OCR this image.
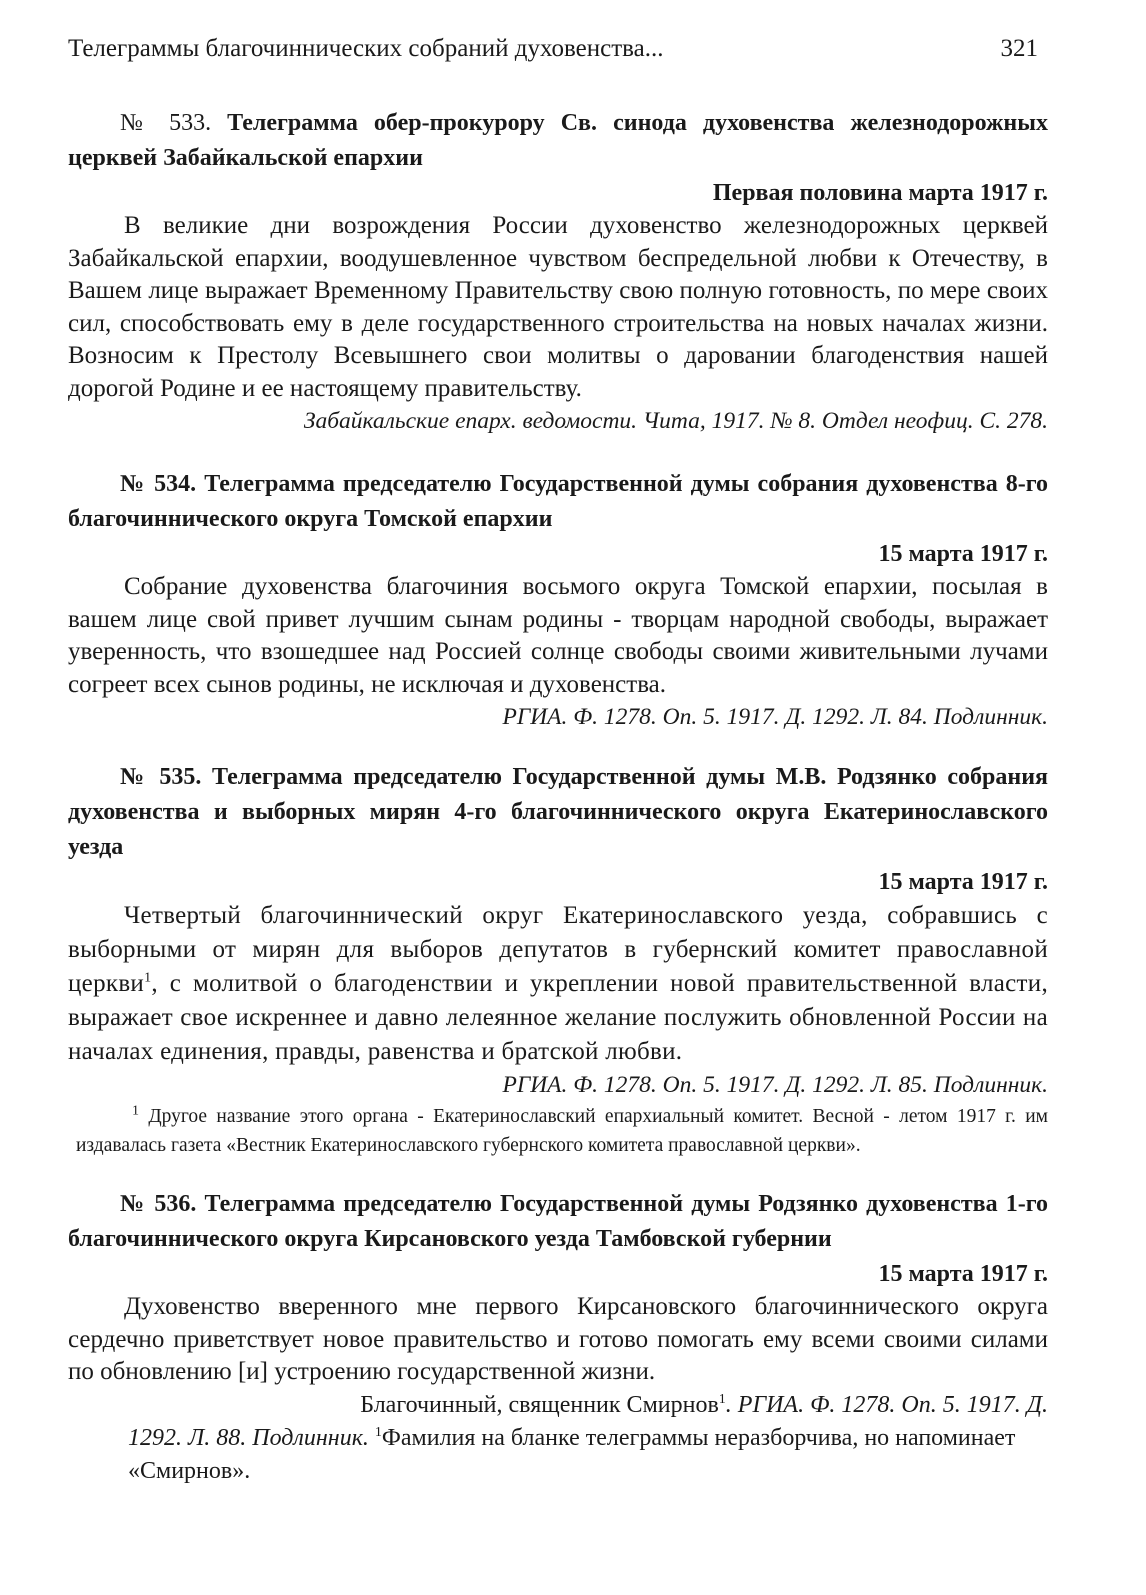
Телеграммы благочиннических собраний духовенства...	321

№ 533. Телеграмма обер-прокурору Св. синода духовенства железнодорожных церквей Забайкальской епархии

Первая половина марта 1917 г.

В великие дни возрождения России духовенство железнодорожных церквей Забайкальской епархии, воодушевленное чувством беспредельной любви к Отечеству, в Вашем лице выражает Временному Правительству свою полную готовность, по мере своих сил, способствовать ему в деле государственного строительства на новых началах жизни. Возносим к Престолу Всевышнего свои молитвы о даровании благоденствия нашей дорогой Родине и ее настоящему правительству.

Забайкальские епарх. ведомости. Чита, 1917. № 8. Отдел неофиц. С. 278.

№ 534. Телеграмма председателю Государственной думы собрания духовенства 8-го благочиннического округа Томской епархии

15 марта 1917 г.

Собрание духовенства благочиния восьмого округа Томской епархии, посылая в вашем лице свой привет лучшим сынам родины - творцам народной свободы, выражает уверенность, что взошедшее над Россией солнце свободы своими живительными лучами согреет всех сынов родины, не исключая и духовенства.

РГИА. Ф. 1278. Оп. 5. 1917. Д. 1292. Л. 84. Подлинник.

№ 535. Телеграмма председателю Государственной думы М.В. Родзянко собрания духовенства и выборных мирян 4-го благочиннического округа Екатеринославского уезда

15 марта 1917 г.

Четвертый благочиннический округ Екатеринославского уезда, собравшись с выборными от мирян для выборов депутатов в губернский комитет православной церкви$^1$, с молитвой о благоденствии и укреплении новой правительственной власти, выражает свое искреннее и давно лелеянное желание послужить обновленной России на началах единения, правды, равенства и братской любви.

РГИА. Ф. 1278. Оп. 5. 1917. Д. 1292. Л. 85. Подлинник.

$^1$ Другое название этого органа - Екатеринославский епархиальный комитет. Весной - летом 1917 г. им издавалась газета «Вестник Екатеринославского губернского комитета православной церкви».

№ 536. Телеграмма председателю Государственной думы Родзянко духовенства 1-го благочиннического округа Кирсановского уезда Тамбовской губернии

15 марта 1917 г.

Духовенство вверенного мне первого Кирсановского благочиннического округа сердечно приветствует новое правительство и готово помогать ему всеми своими силами по обновлению [и] устроению государственной жизни.

Благочинный, священник Смирнов$^1$. РГИА. Ф. 1278. Оп. 5. 1917. Д.
1292. Л. 88. Подлинник. $^1$Фамилия на бланке телеграммы неразборчива, но напоминает
«Смирнов».
